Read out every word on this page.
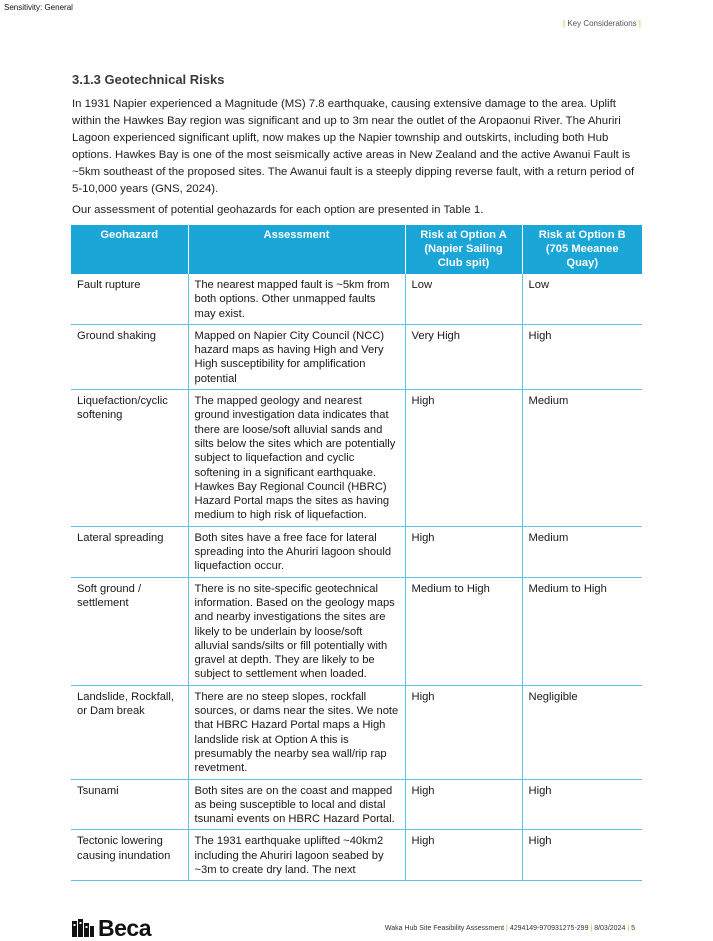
Sensitivity: General
| Key Considerations |
3.1.3 Geotechnical Risks
In 1931 Napier experienced a Magnitude (MS) 7.8 earthquake, causing extensive damage to the area. Uplift within the Hawkes Bay region was significant and up to 3m near the outlet of the Aropaonui River. The Ahuriri Lagoon experienced significant uplift, now makes up the Napier township and outskirts, including both Hub options. Hawkes Bay is one of the most seismically active areas in New Zealand and the active Awanui Fault is ~5km southeast of the proposed sites. The Awanui fault is a steeply dipping reverse fault, with a return period of 5-10,000 years (GNS, 2024).
Our assessment of potential geohazards for each option are presented in Table 1.
Geohazard	Assessment	Risk at Option A (Napier Sailing Club spit)	Risk at Option B (705 Meeanee Quay)
Fault rupture	The nearest mapped fault is ~5km from both options. Other unmapped faults may exist.	Low	Low
Ground shaking	Mapped on Napier City Council (NCC) hazard maps as having High and Very High susceptibility for amplification potential	Very High	High
Liquefaction/cyclic softening	The mapped geology and nearest ground investigation data indicates that there are loose/soft alluvial sands and silts below the sites which are potentially subject to liquefaction and cyclic softening in a significant earthquake. Hawkes Bay Regional Council (HBRC) Hazard Portal maps the sites as having medium to high risk of liquefaction.	High	Medium
Lateral spreading	Both sites have a free face for lateral spreading into the Ahuriri lagoon should liquefaction occur.	High	Medium
Soft ground / settlement	There is no site-specific geotechnical information. Based on the geology maps and nearby investigations the sites are likely to be underlain by loose/soft alluvial sands/silts or fill potentially with gravel at depth. They are likely to be subject to settlement when loaded.	Medium to High	Medium to High
Landslide, Rockfall, or Dam break	There are no steep slopes, rockfall sources, or dams near the sites. We note that HBRC Hazard Portal maps a High landslide risk at Option A this is presumably the nearby sea wall/rip rap revetment.	High	Negligible
Tsunami	Both sites are on the coast and mapped as being susceptible to local and distal tsunami events on HBRC Hazard Portal.	High	High
Tectonic lowering causing inundation	The 1931 earthquake uplifted ~40km2 including the Ahuriri lagoon seabed by ~3m to create dry land. The next	High	High
Beca	Waka Hub Site Feasibility Assessment | 4294149-970931275-299 | 8/03/2024 | 5
